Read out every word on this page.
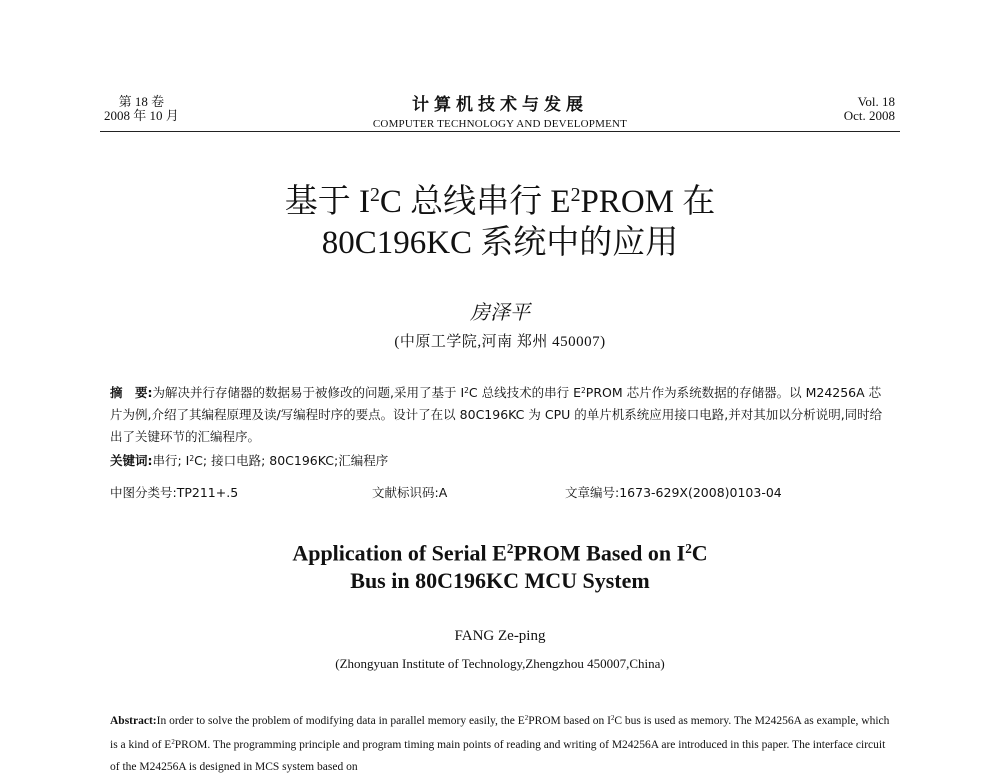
第 18 卷
2008 年 10 月
计算机技术与发展
COMPUTER TECHNOLOGY AND DEVELOPMENT
Vol. 18
Oct. 2008
基于 $I^2C$ 总线串行 $E^2PROM$ 在
80C196KC 系统中的应用
房泽平
(中原工学院,河南 郑州 450007)
摘　要:为解决并行存储器的数据易于被修改的问题,采用了基于 $I^2C$ 总线技术的串行 $E^2PROM$ 芯片作为系统数据的存储器。以 M24256A 芯片为例,介绍了其编程原理及读/写编程时序的要点。设计了在以 80C196KC 为 CPU 的单片机系统应用接口电路,并对其加以分析说明,同时给出了关键环节的汇编程序。
关键词:串行; $I^2C$; 接口电路; 80C196KC;汇编程序
中图分类号:TP211+.5	文献标识码:A	文章编号:1673-629X(2008)0103-04
Application of Serial $E^2PROM$ Based on $I^2C$
Bus in 80C196KC MCU System
FANG Ze-ping
(Zhongyuan Institute of Technology,Zhengzhou 450007,China)
Abstract:In order to solve the problem of modifying data in parallel memory easily, the $E^2PROM$ based on $I^2C$ bus is used as memory. The M24256A as example, which is a kind of $E^2PROM$. The programming principle and program timing main points of reading and writing of M24256A are introduced in this paper. The interface circuit of the M24256A is designed in MCS system based on
